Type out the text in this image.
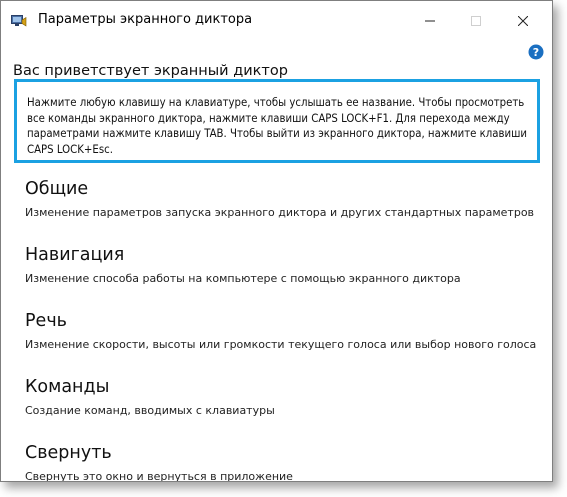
Параметры экранного диктора
?
Вас приветствует экранный диктор
Нажмите любую клавишу на клавиатуре, чтобы услышать ее название. Чтобы просмотреть все команды экранного диктора, нажмите клавиши CAPS LOCK+F1. Для перехода между параметрами нажмите клавишу TAB. Чтобы выйти из экранного диктора, нажмите клавиши CAPS LOCK+Esc.
Общие
Изменение параметров запуска экранного диктора и других стандартных параметров
Навигация
Изменение способа работы на компьютере с помощью экранного диктора
Речь
Изменение скорости, высоты или громкости текущего голоса или выбор нового голоса
Команды
Создание команд, вводимых с клавиатуры
Свернуть
Свернуть это окно и вернуться в приложение
